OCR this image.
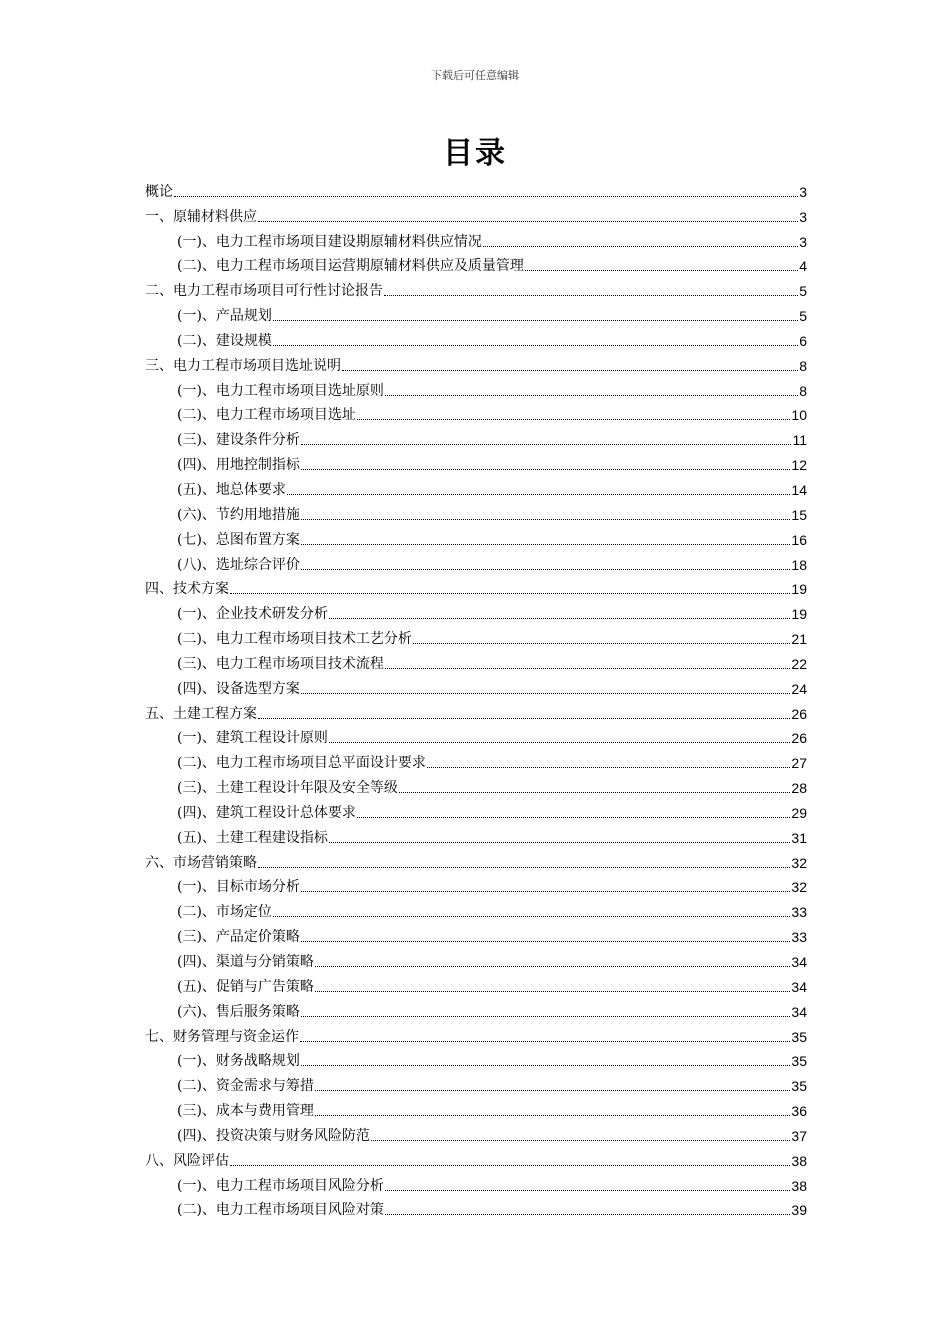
下载后可任意编辑
目录
概论	3
一、原辅材料供应	3
(一)、电力工程市场项目建设期原辅材料供应情况	3
(二)、电力工程市场项目运营期原辅材料供应及质量管理	4
二、电力工程市场项目可行性讨论报告	5
(一)、产品规划	5
(二)、建设规模	6
三、电力工程市场项目选址说明	8
(一)、电力工程市场项目选址原则	8
(二)、电力工程市场项目选址	10
(三)、建设条件分析	11
(四)、用地控制指标	12
(五)、地总体要求	14
(六)、节约用地措施	15
(七)、总图布置方案	16
(八)、选址综合评价	18
四、技术方案	19
(一)、企业技术研发分析	19
(二)、电力工程市场项目技术工艺分析	21
(三)、电力工程市场项目技术流程	22
(四)、设备选型方案	24
五、土建工程方案	26
(一)、建筑工程设计原则	26
(二)、电力工程市场项目总平面设计要求	27
(三)、土建工程设计年限及安全等级	28
(四)、建筑工程设计总体要求	29
(五)、土建工程建设指标	31
六、市场营销策略	32
(一)、目标市场分析	32
(二)、市场定位	33
(三)、产品定价策略	33
(四)、渠道与分销策略	34
(五)、促销与广告策略	34
(六)、售后服务策略	34
七、财务管理与资金运作	35
(一)、财务战略规划	35
(二)、资金需求与筹措	35
(三)、成本与费用管理	36
(四)、投资决策与财务风险防范	37
八、风险评估	38
(一)、电力工程市场项目风险分析	38
(二)、电力工程市场项目风险对策	39
